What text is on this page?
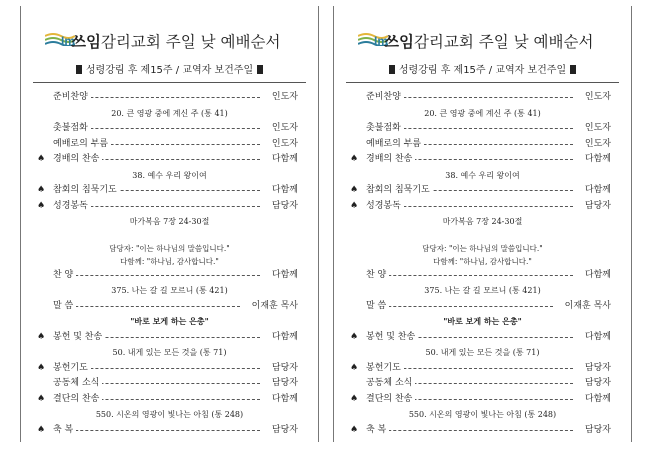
Im
쓰임감리교회 주일 낮 예배순서
성령강림 후 제15주 / 교역자 보건주일
준비찬양	인도자
20. 큰 영광 중에 계신 주 (통 41)
촛불점화	인도자
예배로의 부름	인도자
♠ 경배의 찬송	다함께
38. 예수 우리 왕이여
♠ 참회의 침묵기도	다함께
♠ 성경봉독	담당자
마가복음 7장 24-30절
담당자: "이는 하나님의 말씀입니다."
다함께: "하나님, 감사합니다."
찬 양	다함께
375. 나는 갈 길 모르니 (통 421)
말 씀	이재훈 목사
"바로 보게 하는 은총"
♠ 봉헌 및 찬송	다함께
50. 내게 있는 모든 것을 (통 71)
♠ 봉헌기도	담당자
공동체 소식	담당자
♠ 결단의 찬송	다함께
550. 시온의 영광이 빛나는 아침 (통 248)
♠ 축 복	담당자
Im
쓰임감리교회 주일 낮 예배순서
성령강림 후 제15주 / 교역자 보건주일
준비찬양	인도자
20. 큰 영광 중에 계신 주 (통 41)
촛불점화	인도자
예배로의 부름	인도자
♠ 경배의 찬송	다함께
38. 예수 우리 왕이여
♠ 참회의 침묵기도	다함께
♠ 성경봉독	담당자
마가복음 7장 24-30절
담당자: "이는 하나님의 말씀입니다."
다함께: "하나님, 감사합니다."
찬 양	다함께
375. 나는 갈 길 모르니 (통 421)
말 씀	이재훈 목사
"바로 보게 하는 은총"
♠ 봉헌 및 찬송	다함께
50. 내게 있는 모든 것을 (통 71)
♠ 봉헌기도	담당자
공동체 소식	담당자
♠ 결단의 찬송	다함께
550. 시온의 영광이 빛나는 아침 (통 248)
♠ 축 복	담당자
